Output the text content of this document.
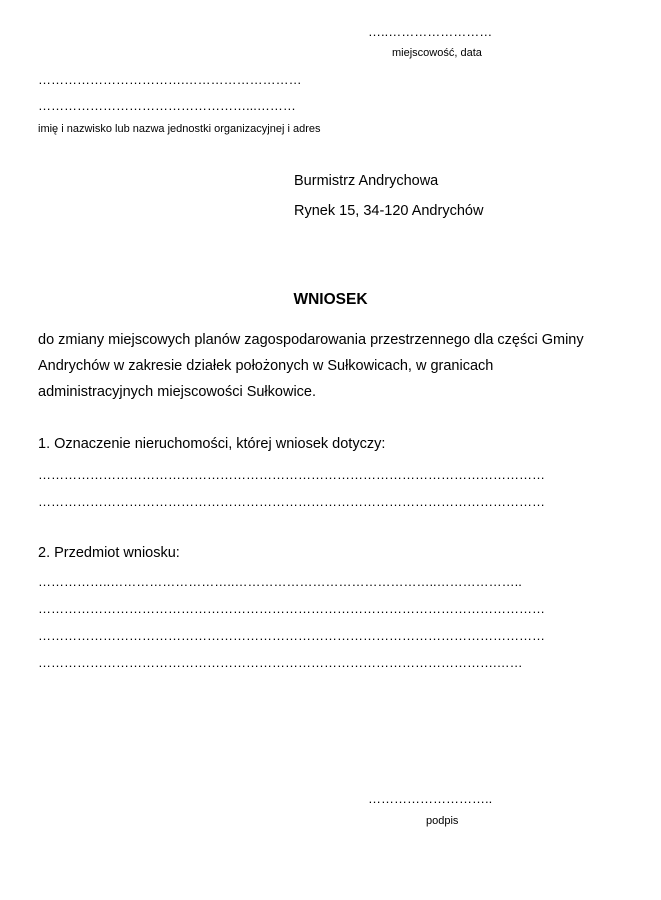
…..……………………
miejscowość, data
…………………………….………………………
…………………………………………...………
imię i nazwisko lub nazwa jednostki organizacyjnej i adres
Burmistrz Andrychowa
Rynek 15, 34-120 Andrychów
WNIOSEK
do zmiany miejscowych planów zagospodarowania przestrzennego dla części Gminy
Andrychów w zakresie działek położonych w Sułkowicach, w granicach
administracyjnych miejscowości Sułkowice.
1. Oznaczenie nieruchomości, której wniosek dotyczy:
………………………………………………………………………………………………………
………………………………………………………………………………………………………
2. Przedmiot wniosku:
……………..………………………..………………………………………..………………..
………………………………………………………………………………………………………
………………………………………………………………………………………………………
…………………………………………………………………………………………….……
………………………..
podpis
